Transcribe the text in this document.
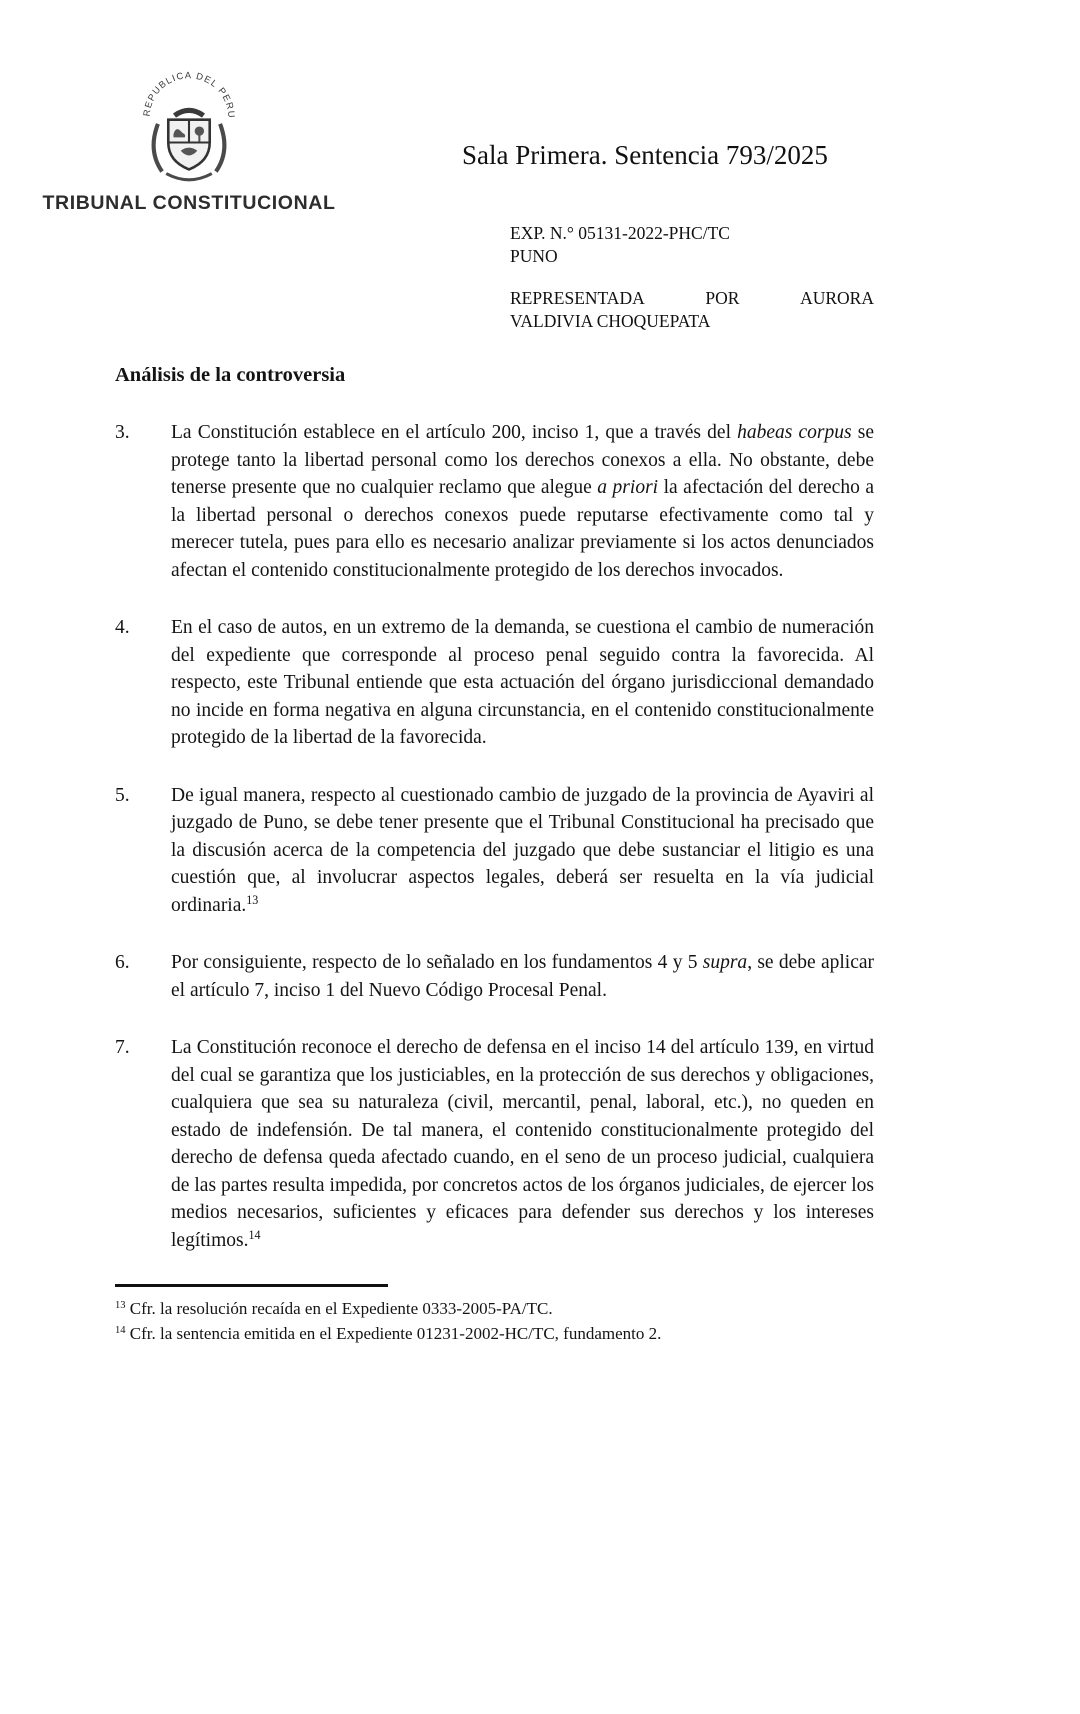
REPUBLICA DEL PERU
TRIBUNAL CONSTITUCIONAL
Sala Primera. Sentencia 793/2025
EXP. N.° 05131-2022-PHC/TC
PUNO
REPRESENTADA	POR	AURORA
VALDIVIA CHOQUEPATA
Análisis de la controversia
3.	La Constitución establece en el artículo 200, inciso 1, que a través del habeas corpus se protege tanto la libertad personal como los derechos conexos a ella. No obstante, debe tenerse presente que no cualquier reclamo que alegue a priori la afectación del derecho a la libertad personal o derechos conexos puede reputarse efectivamente como tal y merecer tutela, pues para ello es necesario analizar previamente si los actos denunciados afectan el contenido constitucionalmente protegido de los derechos invocados.
4.	En el caso de autos, en un extremo de la demanda, se cuestiona el cambio de numeración del expediente que corresponde al proceso penal seguido contra la favorecida. Al respecto, este Tribunal entiende que esta actuación del órgano jurisdiccional demandado no incide en forma negativa en alguna circunstancia, en el contenido constitucionalmente protegido de la libertad de la favorecida.
5.	De igual manera, respecto al cuestionado cambio de juzgado de la provincia de Ayaviri al juzgado de Puno, se debe tener presente que el Tribunal Constitucional ha precisado que la discusión acerca de la competencia del juzgado que debe sustanciar el litigio es una cuestión que, al involucrar aspectos legales, deberá ser resuelta en la vía judicial ordinaria.$^{13}$
6.	Por consiguiente, respecto de lo señalado en los fundamentos 4 y 5 supra, se debe aplicar el artículo 7, inciso 1 del Nuevo Código Procesal Penal.
7.	La Constitución reconoce el derecho de defensa en el inciso 14 del artículo 139, en virtud del cual se garantiza que los justiciables, en la protección de sus derechos y obligaciones, cualquiera que sea su naturaleza (civil, mercantil, penal, laboral, etc.), no queden en estado de indefensión. De tal manera, el contenido constitucionalmente protegido del derecho de defensa queda afectado cuando, en el seno de un proceso judicial, cualquiera de las partes resulta impedida, por concretos actos de los órganos judiciales, de ejercer los medios necesarios, suficientes y eficaces para defender sus derechos y los intereses legítimos.$^{14}$
$^{13}$ Cfr. la resolución recaída en el Expediente 0333-2005-PA/TC.
$^{14}$ Cfr. la sentencia emitida en el Expediente 01231-2002-HC/TC, fundamento 2.
